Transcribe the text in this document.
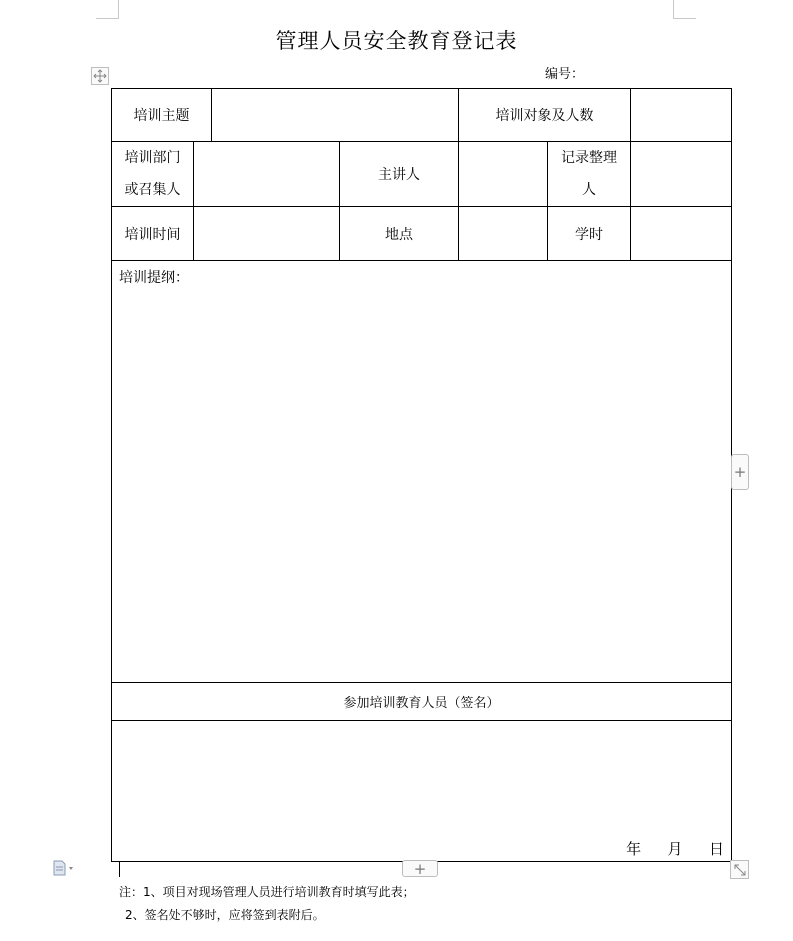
管理人员安全教育登记表
编号：
培训主题				培训对象及人数		

培训部门
或召集人			主讲人		记录整理
人	

培训时间			地点		学时	
培训提纲：						
参加培训教育人员（签名）						
年 月 日						
+
+
注：1、项目对现场管理人员进行培训教育时填写此表；
2、签名处不够时，应将签到表附后。
